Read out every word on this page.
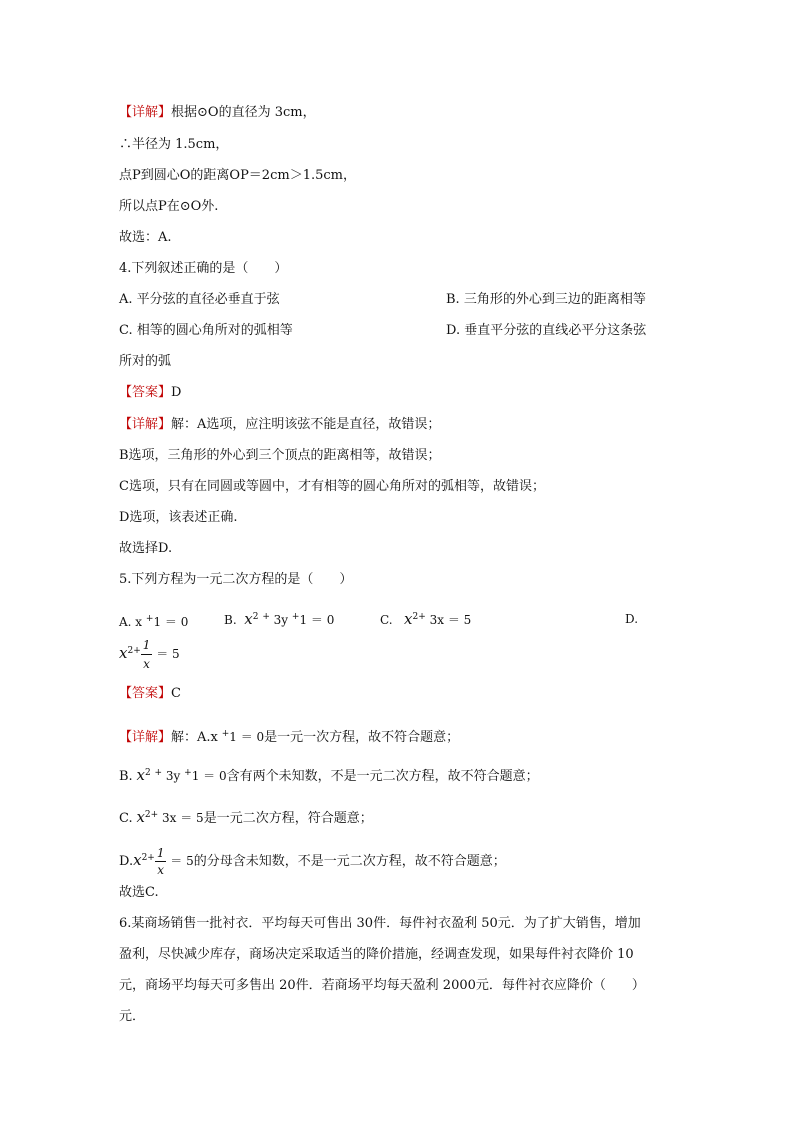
【详解】根据⊙O的直径为 3cm，
∴半径为 1.5cm，
点P到圆心O的距离OP＝2cm＞1.5cm，
所以点P在⊙O外.
故选：A.
4.下列叙述正确的是（　　）
A. 平分弦的直径必垂直于弦	B. 三角形的外心到三边的距离相等
C. 相等的圆心角所对的弧相等	D. 垂直平分弦的直线必平分这条弦
所对的弧
【答案】D
【详解】解：A选项，应注明该弦不能是直径，故错误；
B选项，三角形的外心到三个顶点的距离相等，故错误；
C选项，只有在同圆或等圆中，才有相等的圆心角所对的弧相等，故错误；
D选项，该表述正确.
故选择D.
5.下列方程为一元二次方程的是（　　）
A. x +1 ＝ 0	B. $x^2$ + 3y +1 ＝ 0	C. $x^{2+}$ 3x ＝ 5	D.
$x^{2+} \frac{1}{x} = 5$
【答案】C
【详解】解：A.x +1 ＝ 0是一元一次方程，故不符合题意；
B. $x^2$ + 3y +1 ＝ 0含有两个未知数，不是一元二次方程，故不符合题意；
C. $x^{2+}$ 3x ＝ 5是一元二次方程，符合题意；
$D.x^{2+} \frac{1}{x} = 5$的分母含未知数，不是一元二次方程，故不符合题意；
故选C.
6.某商场销售一批衬衣．平均每天可售出 30件．每件衬衣盈利 50元．为了扩大销售，增加
盈利，尽快减少库存，商场决定采取适当的降价措施，经调查发现，如果每件衬衣降价 10
元，商场平均每天可多售出 20件．若商场平均每天盈利 2000元．每件衬衣应降价（　　）
元．
